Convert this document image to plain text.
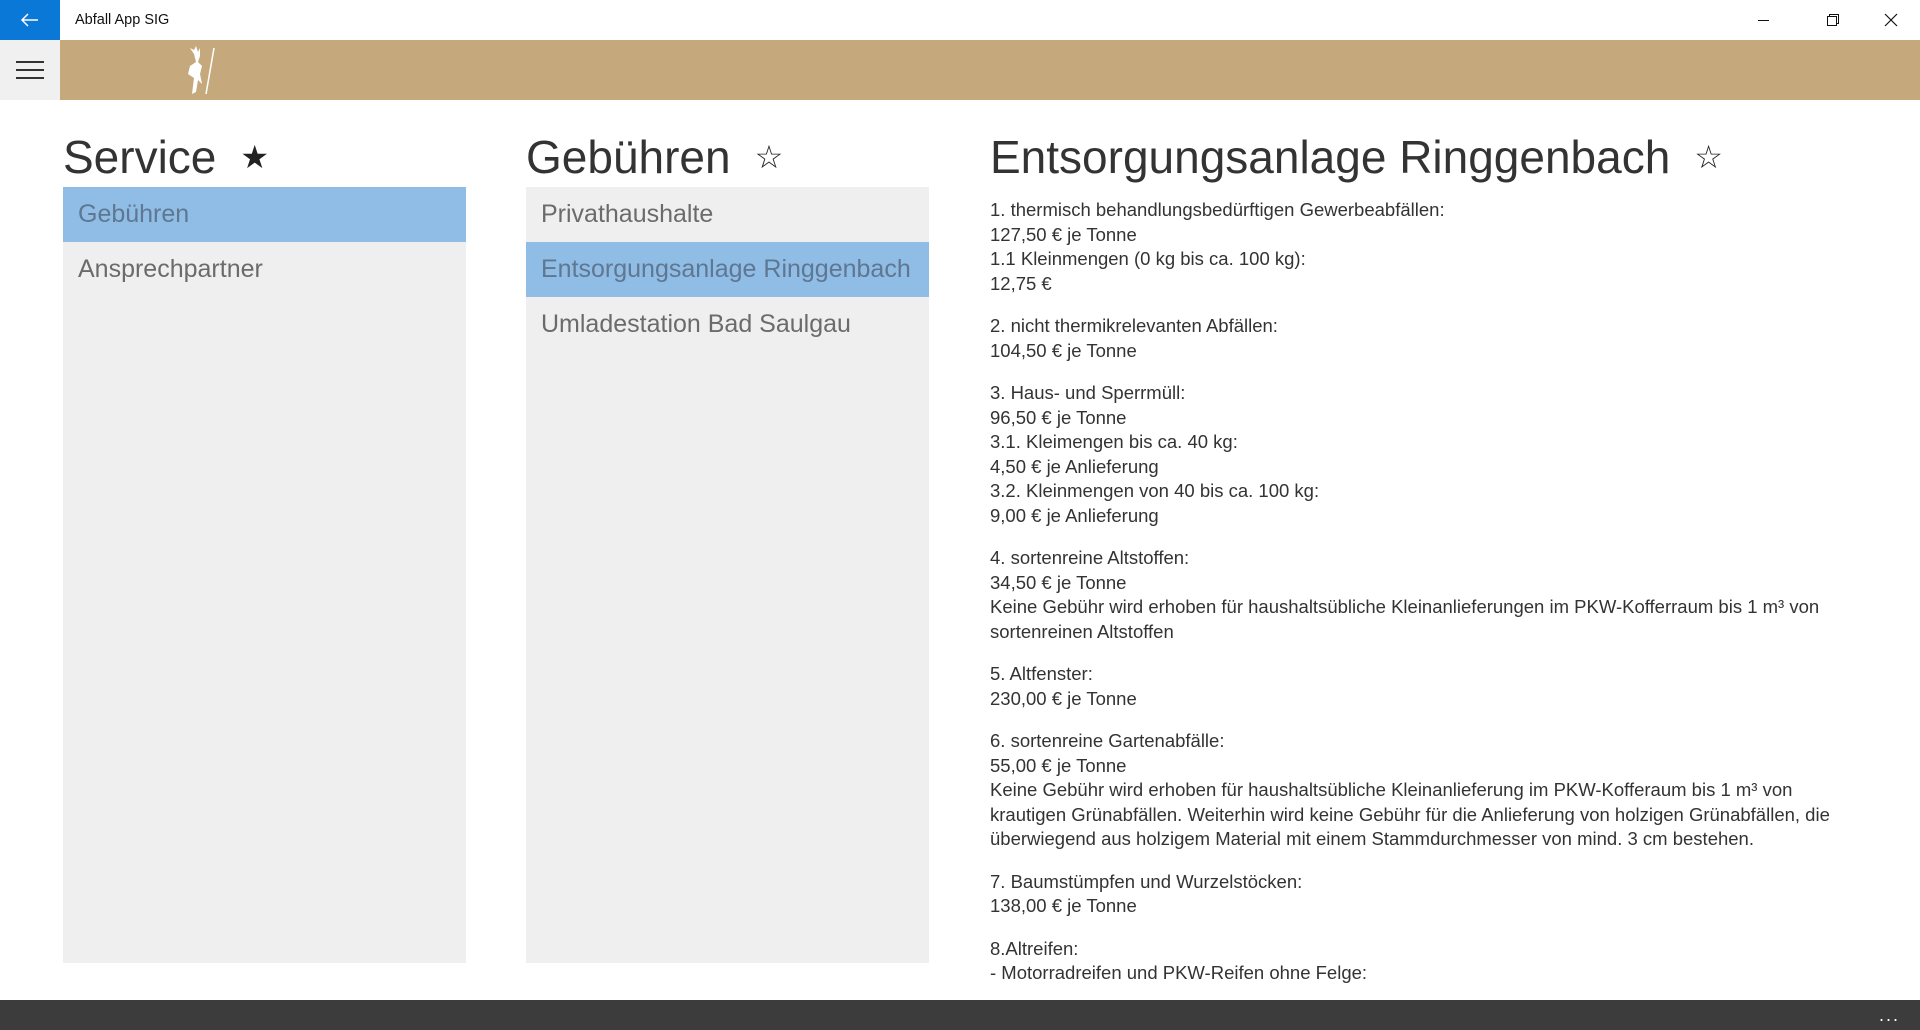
Abfall App SIG
Service ★
Gebühren
Ansprechpartner
Gebühren ☆
Privathaushalte
Entsorgungsanlage Ringgenbach
Umladestation Bad Saulgau
Entsorgungsanlage Ringgenbach ☆

1. thermisch behandlungsbedürftigen Gewerbeabfällen:
127,50 € je Tonne
1.1 Kleinmengen (0 kg bis ca. 100 kg):
12,75 €

2. nicht thermikrelevanten Abfällen:
104,50 € je Tonne

3. Haus- und Sperrmüll:
96,50 € je Tonne
3.1. Kleimengen bis ca. 40 kg:
4,50 € je Anlieferung
3.2. Kleinmengen von 40 bis ca. 100 kg:
9,00 € je Anlieferung

4. sortenreine Altstoffen:
34,50 € je Tonne
Keine Gebühr wird erhoben für haushaltsübliche Kleinanlieferungen im PKW-Kofferraum bis 1 m³ von sortenreinen Altstoffen

5. Altfenster:
230,00 € je Tonne

6. sortenreine Gartenabfälle:
55,00 € je Tonne
Keine Gebühr wird erhoben für haushaltsübliche Kleinanlieferung im PKW-Kofferaum bis 1 m³ von krautigen Grünabfällen. Weiterhin wird keine Gebühr für die Anlieferung von holzigen Grünabfällen, die überwiegend aus holzigem Material mit einem Stammdurchmesser von mind. 3 cm bestehen.

7. Baumstümpfen und Wurzelstöcken:
138,00 € je Tonne

8.Altreifen:
- Motorradreifen und PKW-Reifen ohne Felge:

...
